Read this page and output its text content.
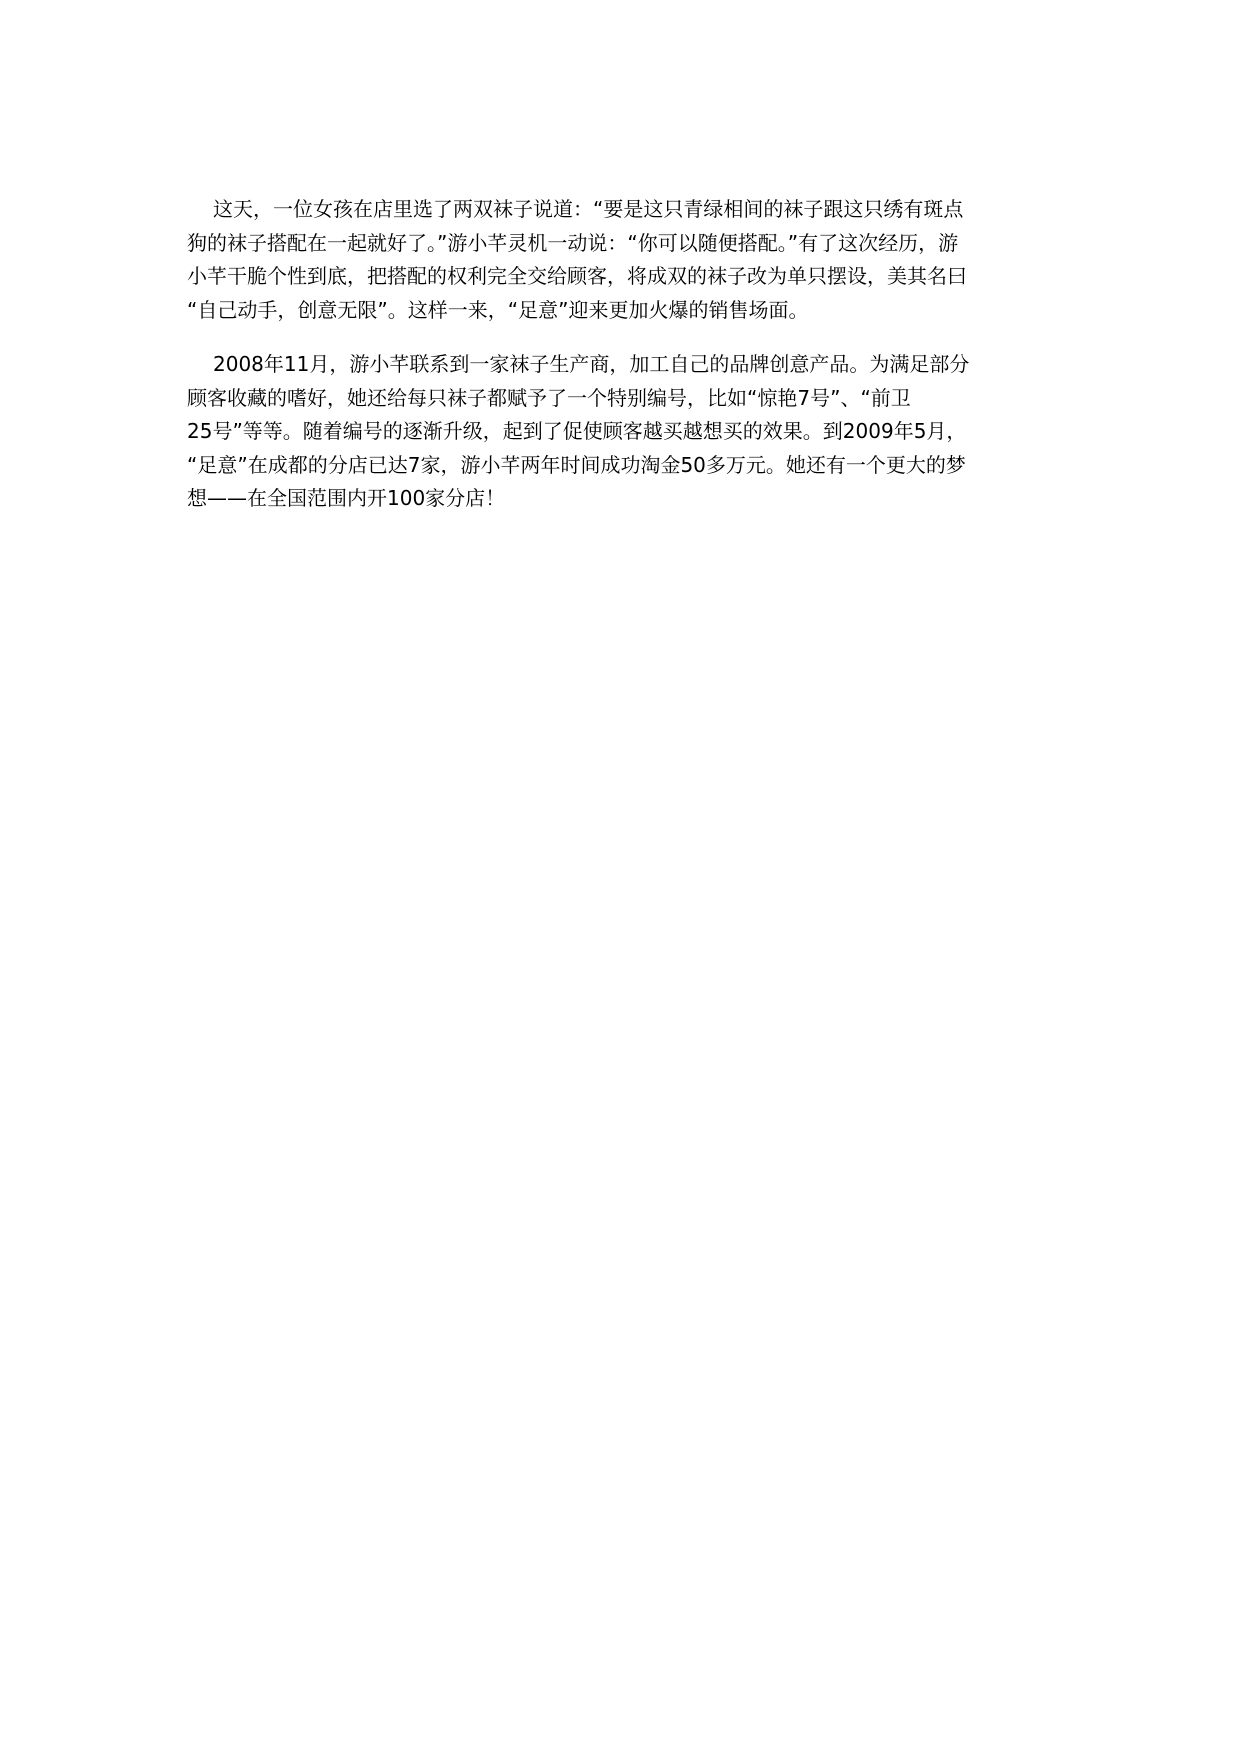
这天，一位女孩在店里选了两双袜子说道：“要是这只青绿相间的袜子跟这只绣有斑点
狗的袜子搭配在一起就好了。”游小芊灵机一动说：“你可以随便搭配。”有了这次经历，游
小芊干脆个性到底，把搭配的权利完全交给顾客，将成双的袜子改为单只摆设，美其名曰
“自己动手，创意无限”。这样一来，“足意”迎来更加火爆的销售场面。

2008年11月，游小芊联系到一家袜子生产商，加工自己的品牌创意产品。为满足部分
顾客收藏的嗜好，她还给每只袜子都赋予了一个特别编号，比如“惊艳7号”、“前卫
25号”等等。随着编号的逐渐升级，起到了促使顾客越买越想买的效果。到2009年5月，
“足意”在成都的分店已达7家，游小芊两年时间成功淘金50多万元。她还有一个更大的梦
想——在全国范围内开100家分店！
